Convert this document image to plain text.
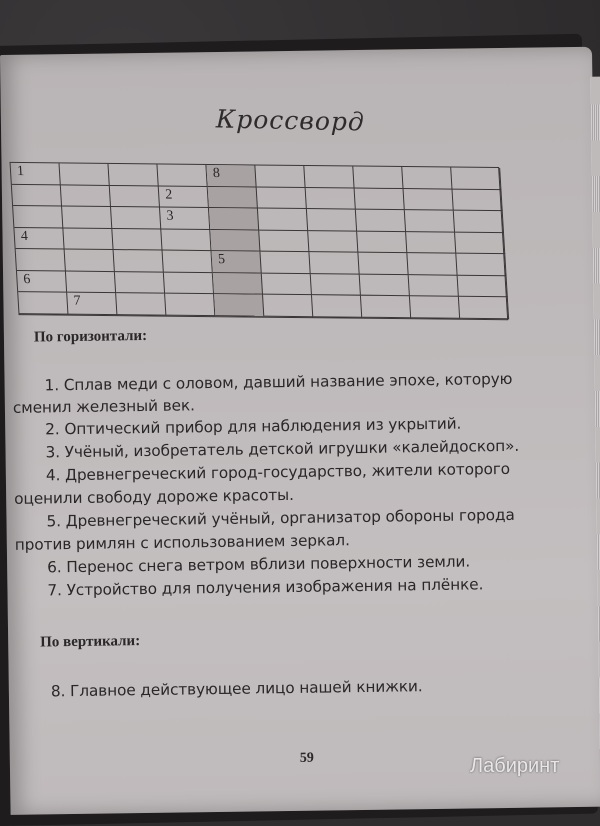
Кроссворд
1	8
2
3
4
5
6
7
По горизонтали:
1. Сплав меди с оловом, давший название эпохе, которую
сменил железный век.
2. Оптический прибор для наблюдения из укрытий.
3. Учёный, изобретатель детской игрушки «калейдоскоп».
4. Древнегреческий город-государство, жители которого
оценили свободу дороже красоты.
5. Древнегреческий учёный, организатор обороны города
против римлян с использованием зеркал.
6. Перенос снега ветром вблизи поверхности земли.
7. Устройство для получения изображения на плёнке.
По вертикали:
8. Главное действующее лицо нашей книжки.
59	Лабиринт
